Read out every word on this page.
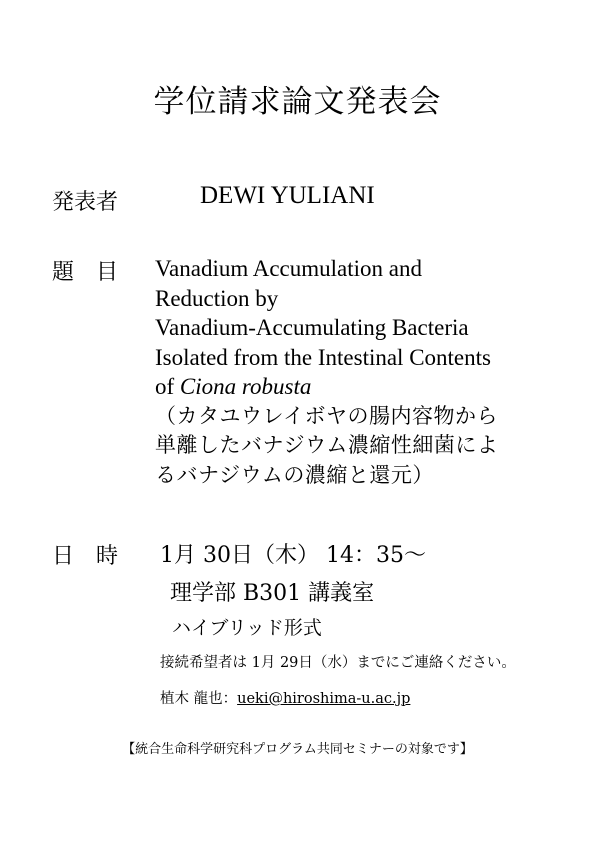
学位請求論文発表会
発表者	DEWI YULIANI
題　目 Vanadium Accumulation and
Reduction by
Vanadium-Accumulating Bacteria
Isolated from the Intestinal Contents
of Ciona robusta
（カタユウレイボヤの腸内容物から
単離したバナジウム濃縮性細菌によ
るバナジウムの濃縮と還元）
日　時 1月 30日（木） 14：35～
理学部 B301 講義室
ハイブリッド形式
接続希望者は 1月 29日（水）までにご連絡ください。
植木 龍也：ueki@hiroshima-u.ac.jp
【統合生命科学研究科プログラム共同セミナーの対象です】
